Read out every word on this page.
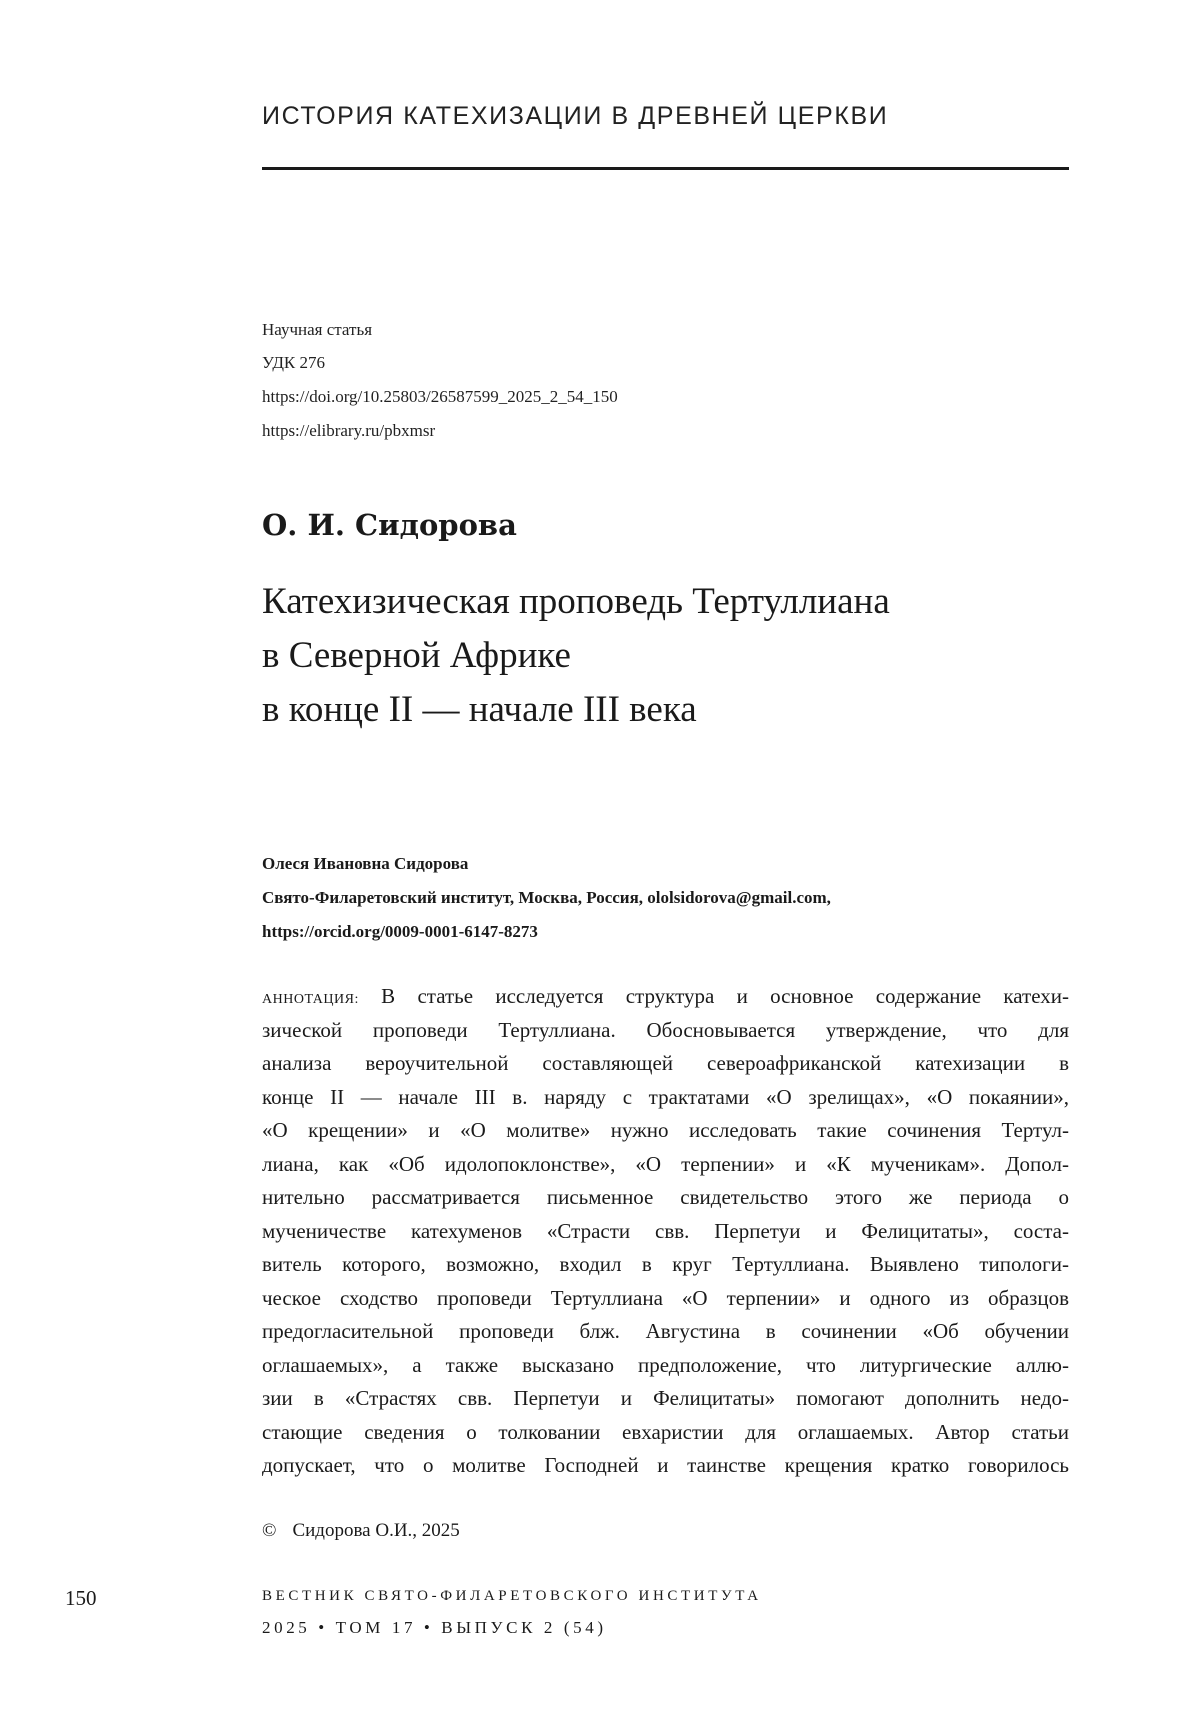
ИСТОРИЯ КАТЕХИЗАЦИИ В ДРЕВНЕЙ ЦЕРКВИ
Научная статья
УДК 276
https://doi.org/10.25803/26587599_2025_2_54_150
https://elibrary.ru/pbxmsr
О. И. Сидорова
Катехизическая проповедь Тертуллиана
в Северной Африке
в конце II — начале III века
Олеся Ивановна Сидорова
Свято-Филаретовский институт, Москва, Россия, ololsidorova@gmail.com,
https://orcid.org/0009-0001-6147-8273
АННОТАЦИЯ: В статье исследуется структура и основное содержание катехи-
зической проповеди Тертуллиана. Обосновывается утверждение, что для
анализа вероучительной составляющей североафриканской катехизации в
конце II — начале III в. наряду с трактатами «О зрелищах», «О покаянии»,
«О крещении» и «О молитве» нужно исследовать такие сочинения Тертул-
лиана, как «Об идолопоклонстве», «О терпении» и «К мученикам». Допол-
нительно рассматривается письменное свидетельство этого же периода о
мученичестве катехуменов «Страсти свв. Перпетуи и Фелицитаты», соста-
витель которого, возможно, входил в круг Тертуллиана. Выявлено типологи-
ческое сходство проповеди Тертуллиана «О терпении» и одного из образцов
предогласительной проповеди блж. Августина в сочинении «Об обучении
оглашаемых», а также высказано предположение, что литургические аллю-
зии в «Страстях свв. Перпетуи и Фелицитаты» помогают дополнить недо-
стающие сведения о толковании евхаристии для оглашаемых. Автор статьи
допускает, что о молитве Господней и таинстве крещения кратко говорилось
© Сидорова О.И., 2025
150	ВЕСТНИК СВЯТО-ФИЛАРЕТОВСКОГО ИНСТИТУТА
2025 • ТОМ 17 • ВЫПУСК 2 (54)
